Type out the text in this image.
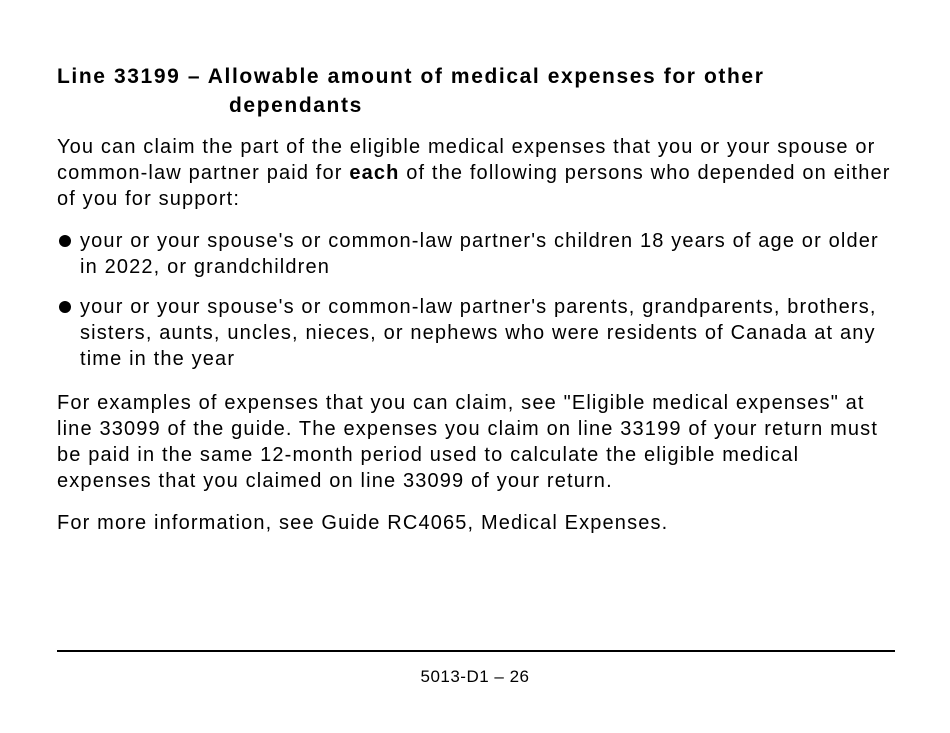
Line 33199 – Allowable amount of medical expenses for other dependants

You can claim the part of the eligible medical expenses that you or your spouse or common-law partner paid for each of the following persons who depended on either of you for support:

your or your spouse's or common-law partner's children 18 years of age or older in 2022, or grandchildren
your or your spouse's or common-law partner's parents, grandparents, brothers, sisters, aunts, uncles, nieces, or nephews who were residents of Canada at any time in the year

For examples of expenses that you can claim, see "Eligible medical expenses" at line 33099 of the guide. The expenses you claim on line 33199 of your return must be paid in the same 12-month period used to calculate the eligible medical expenses that you claimed on line 33099 of your return.

For more information, see Guide RC4065, Medical Expenses.

5013-D1 – 26
